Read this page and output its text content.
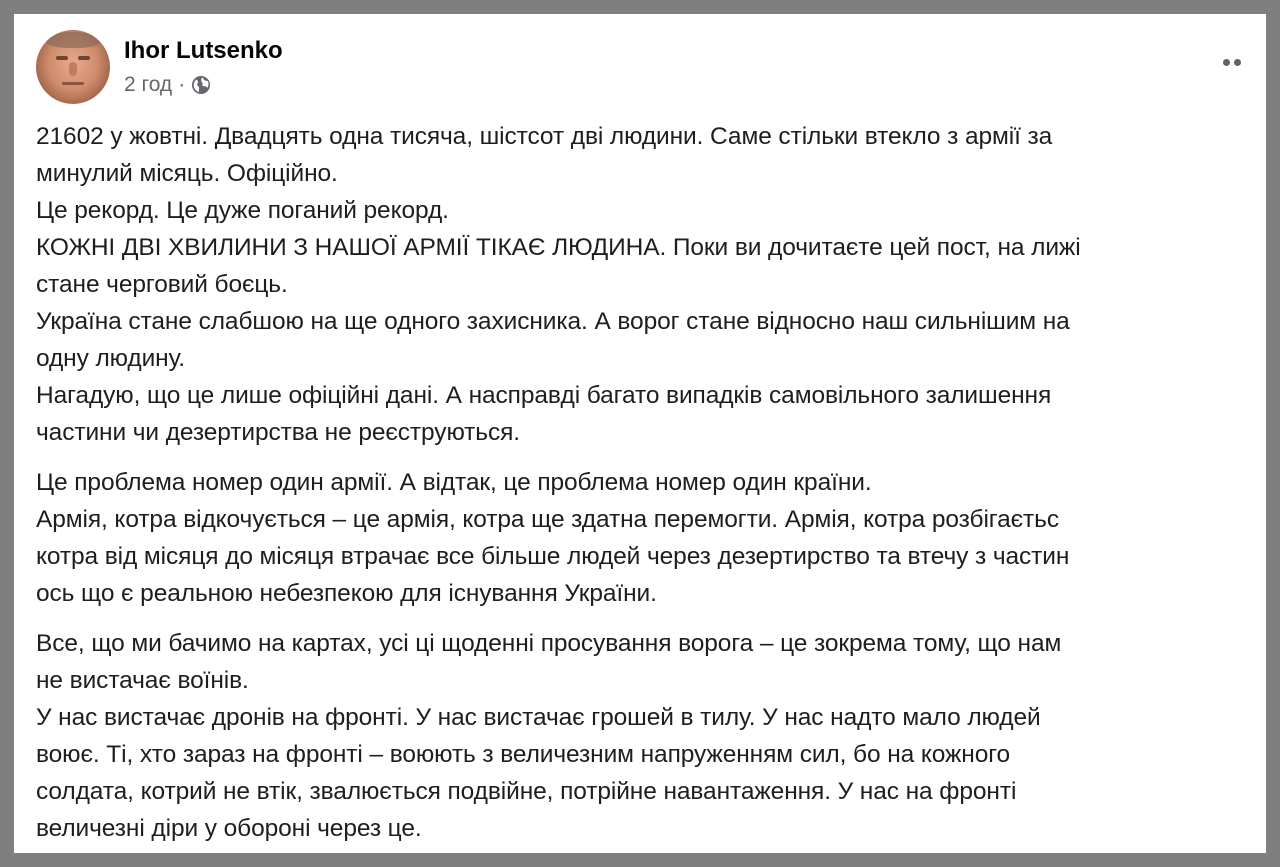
Ihor Lutsenko
2 год ·
21602 у жовтні. Двадцять одна тисяча, шістсот дві людини. Саме стільки втекло з армії за
минулий місяць. Офіційно.
Це рекорд. Це дуже поганий рекорд.
КОЖНІ ДВІ ХВИЛИНИ З НАШОЇ АРМІЇ ТІКАЄ ЛЮДИНА. Поки ви дочитаєте цей пост, на лижі
стане черговий боєць.
Україна стане слабшою на ще одного захисника. А ворог стане відносно наш сильнішим на
одну людину.
Нагадую, що це лише офіційні дані. А насправді багато випадків самовільного залишення
частини чи дезертирства не реєструються.
Це проблема номер один армії. А відтак, це проблема номер один країни.
Армія, котра відкочується – це армія, котра ще здатна перемогти. Армія, котра розбігаєтьс
котра від місяця до місяця втрачає все більше людей через дезертирство та втечу з частин
ось що є реальною небезпекою для існування України.
Все, що ми бачимо на картах, усі ці щоденні просування ворога – це зокрема тому, що нам
не вистачає воїнів.
У нас вистачає дронів на фронті. У нас вистачає грошей в тилу. У нас надто мало людей
воює. Ті, хто зараз на фронті – воюють з величезним напруженням сил, бо на кожного
солдата, котрий не втік, звалюється подвійне, потрійне навантаження. У нас на фронті
величезні діри у обороні через це.
